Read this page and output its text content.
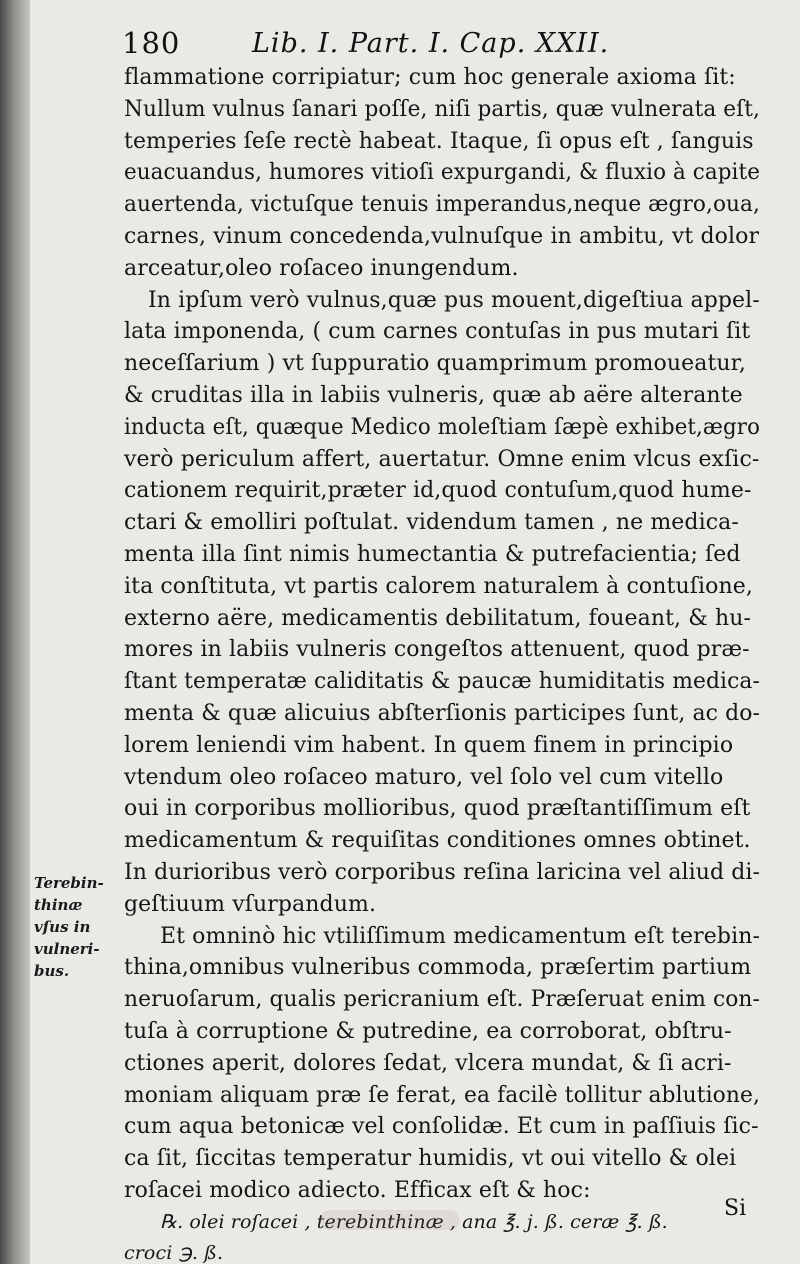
180	Lib. I. Part. I. Cap. XXII.
flammatione corripiatur; cum hoc generale axioma ſit:
Nullum vulnus ſanari poſſe, niſi partis, quæ vulnerata eſt,
temperies ſeſe rectè habeat. Itaque, ſi opus eſt , ſanguis
euacuandus, humores vitioſi expurgandi, & fluxio à capite
auertenda, victuſque tenuis imperandus,neque ægro,oua,
carnes, vinum concedenda,vulnuſque in ambitu, vt dolor
arceatur,oleo roſaceo inungendum.
In ipſum verò vulnus,quæ pus mouent,digeſtiua appel-
lata imponenda, ( cum carnes contuſas in pus mutari ſit
neceſſarium ) vt ſuppuratio quamprimum promoueatur,
& cruditas illa in labiis vulneris, quæ ab aëre alterante
inducta eſt, quæque Medico moleſtiam ſæpè exhibet,ægro
verò periculum affert, auertatur. Omne enim vlcus exſic-
cationem requirit,præter id,quod contuſum,quod hume-
ctari & emolliri poſtulat. videndum tamen , ne medica-
menta illa ſint nimis humectantia & putrefacientia; ſed
ita conſtituta, vt partis calorem naturalem à contuſione,
externo aëre, medicamentis debilitatum, foueant, & hu-
mores in labiis vulneris congeſtos attenuent, quod præ-
ſtant temperatæ caliditatis & paucæ humiditatis medica-
menta & quæ alicuius abſterſionis participes ſunt, ac do-
lorem leniendi vim habent. In quem finem in principio
vtendum oleo roſaceo maturo, vel ſolo vel cum vitello
oui in corporibus mollioribus, quod præſtantiſſimum eſt
medicamentum & requiſitas conditiones omnes obtinet.
In durioribus verò corporibus reſina laricina vel aliud di-
geſtiuum vſurpandum.
Et omninò hic vtiliſſimum medicamentum eſt terebin-
thina,omnibus vulneribus commoda, præſertim partium
neruoſarum, qualis pericranium eſt. Præſeruat enim con-
tuſa à corruptione & putredine, ea corroborat, obſtru-
ctiones aperit, dolores ſedat, vlcera mundat, & ſi acri-
moniam aliquam præ ſe ferat, ea facilè tollitur ablutione,
cum aqua betonicæ vel conſolidæ. Et cum in paſſiuis ſic-
ca ſit, ſiccitas temperatur humidis, vt oui vitello & olei
roſacei modico adiecto. Efficax eſt & hoc:
℞. olei roſacei , terebinthinæ , ana ℥. j. ß. ceræ ℥. ß.
croci ℈. ß.
Terebin-
thinæ
vſus in
vulneri-
bus.
Si
